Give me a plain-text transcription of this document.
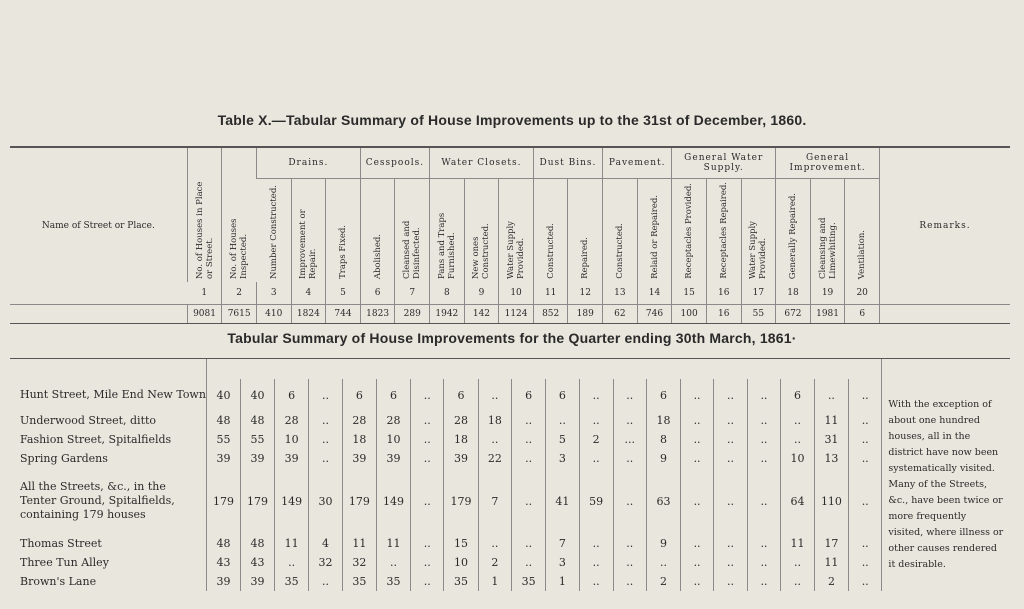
Table X.—Tabular Summary of House Improvements up to the 31st of December, 1860.
Name of Street or Place.	No. of Houses in Place or Street.	No. of Houses Inspected.	Drains.			Cesspools.		Water Closets.			Dust Bins.		Pavement.		General Water Supply.			General Improvement.			Remarks.
			Number Constructed.	Improvement or Repair.	Traps Fixed.	Abolished.	Cleansed and Disinfected.	Pans and Traps Furnished.	New ones Constructed.	Water Supply Provided.	Constructed.	Repaired.	Constructed.	Relaid or Repaired.	Receptacles Provided.	Receptacles Repaired.	Water Supply Provided.	Generally Repaired.	Cleansing and Limewhiting.	Ventilation.	
	1	2	3	4	5	6	7	8	9	10	11	12	13	14	15	16	17	18	19	20	
	9081	7615	410	1824	744	1823	289	1942	142	1124	852	189	62	746	100	16	55	672	1981	6	
Tabular Summary of House Improvements for the Quarter ending 30th March, 1861·

Hunt Street, Mile End New Town	40	40	6	..	6	6	..	6	..	6	6	..	..	6	..	..	..	6	..	..	With the exception of about one hundred houses, all in the district have now been systematically visited. Many of the Streets, &c., have been twice or more frequently visited, where illness or other causes rendered it desirable.
Underwood Street, ditto	48	48	28	..	28	28	..	28	18	..	..	..	..	18	..	..	..	..	11	..	
Fashion Street, Spitalfields	55	55	10	..	18	10	..	18	..	..	5	2	...	8	..	..	..	..	31	..	
Spring Gardens	39	39	39	..	39	39	..	39	22	..	3	..	..	9	..	..	..	10	13	..	
All the Streets, &c., in the Tenter Ground, Spitalfields, containing 179 houses	179	179	149	30	179	149	..	179	7	..	41	59	..	63	..	..	..	64	110	..	
Thomas Street	48	48	11	4	11	11	..	15	..	..	7	..	..	9	..	..	..	11	17	..	
Three Tun Alley	43	43	..	32	32	..	..	10	2	..	3	..	..	..	..	..	..	..	11	..	
Brown's Lane	39	39	35	..	35	35	..	35	1	35	1	..	..	2	..	..	..	..	2	..	
